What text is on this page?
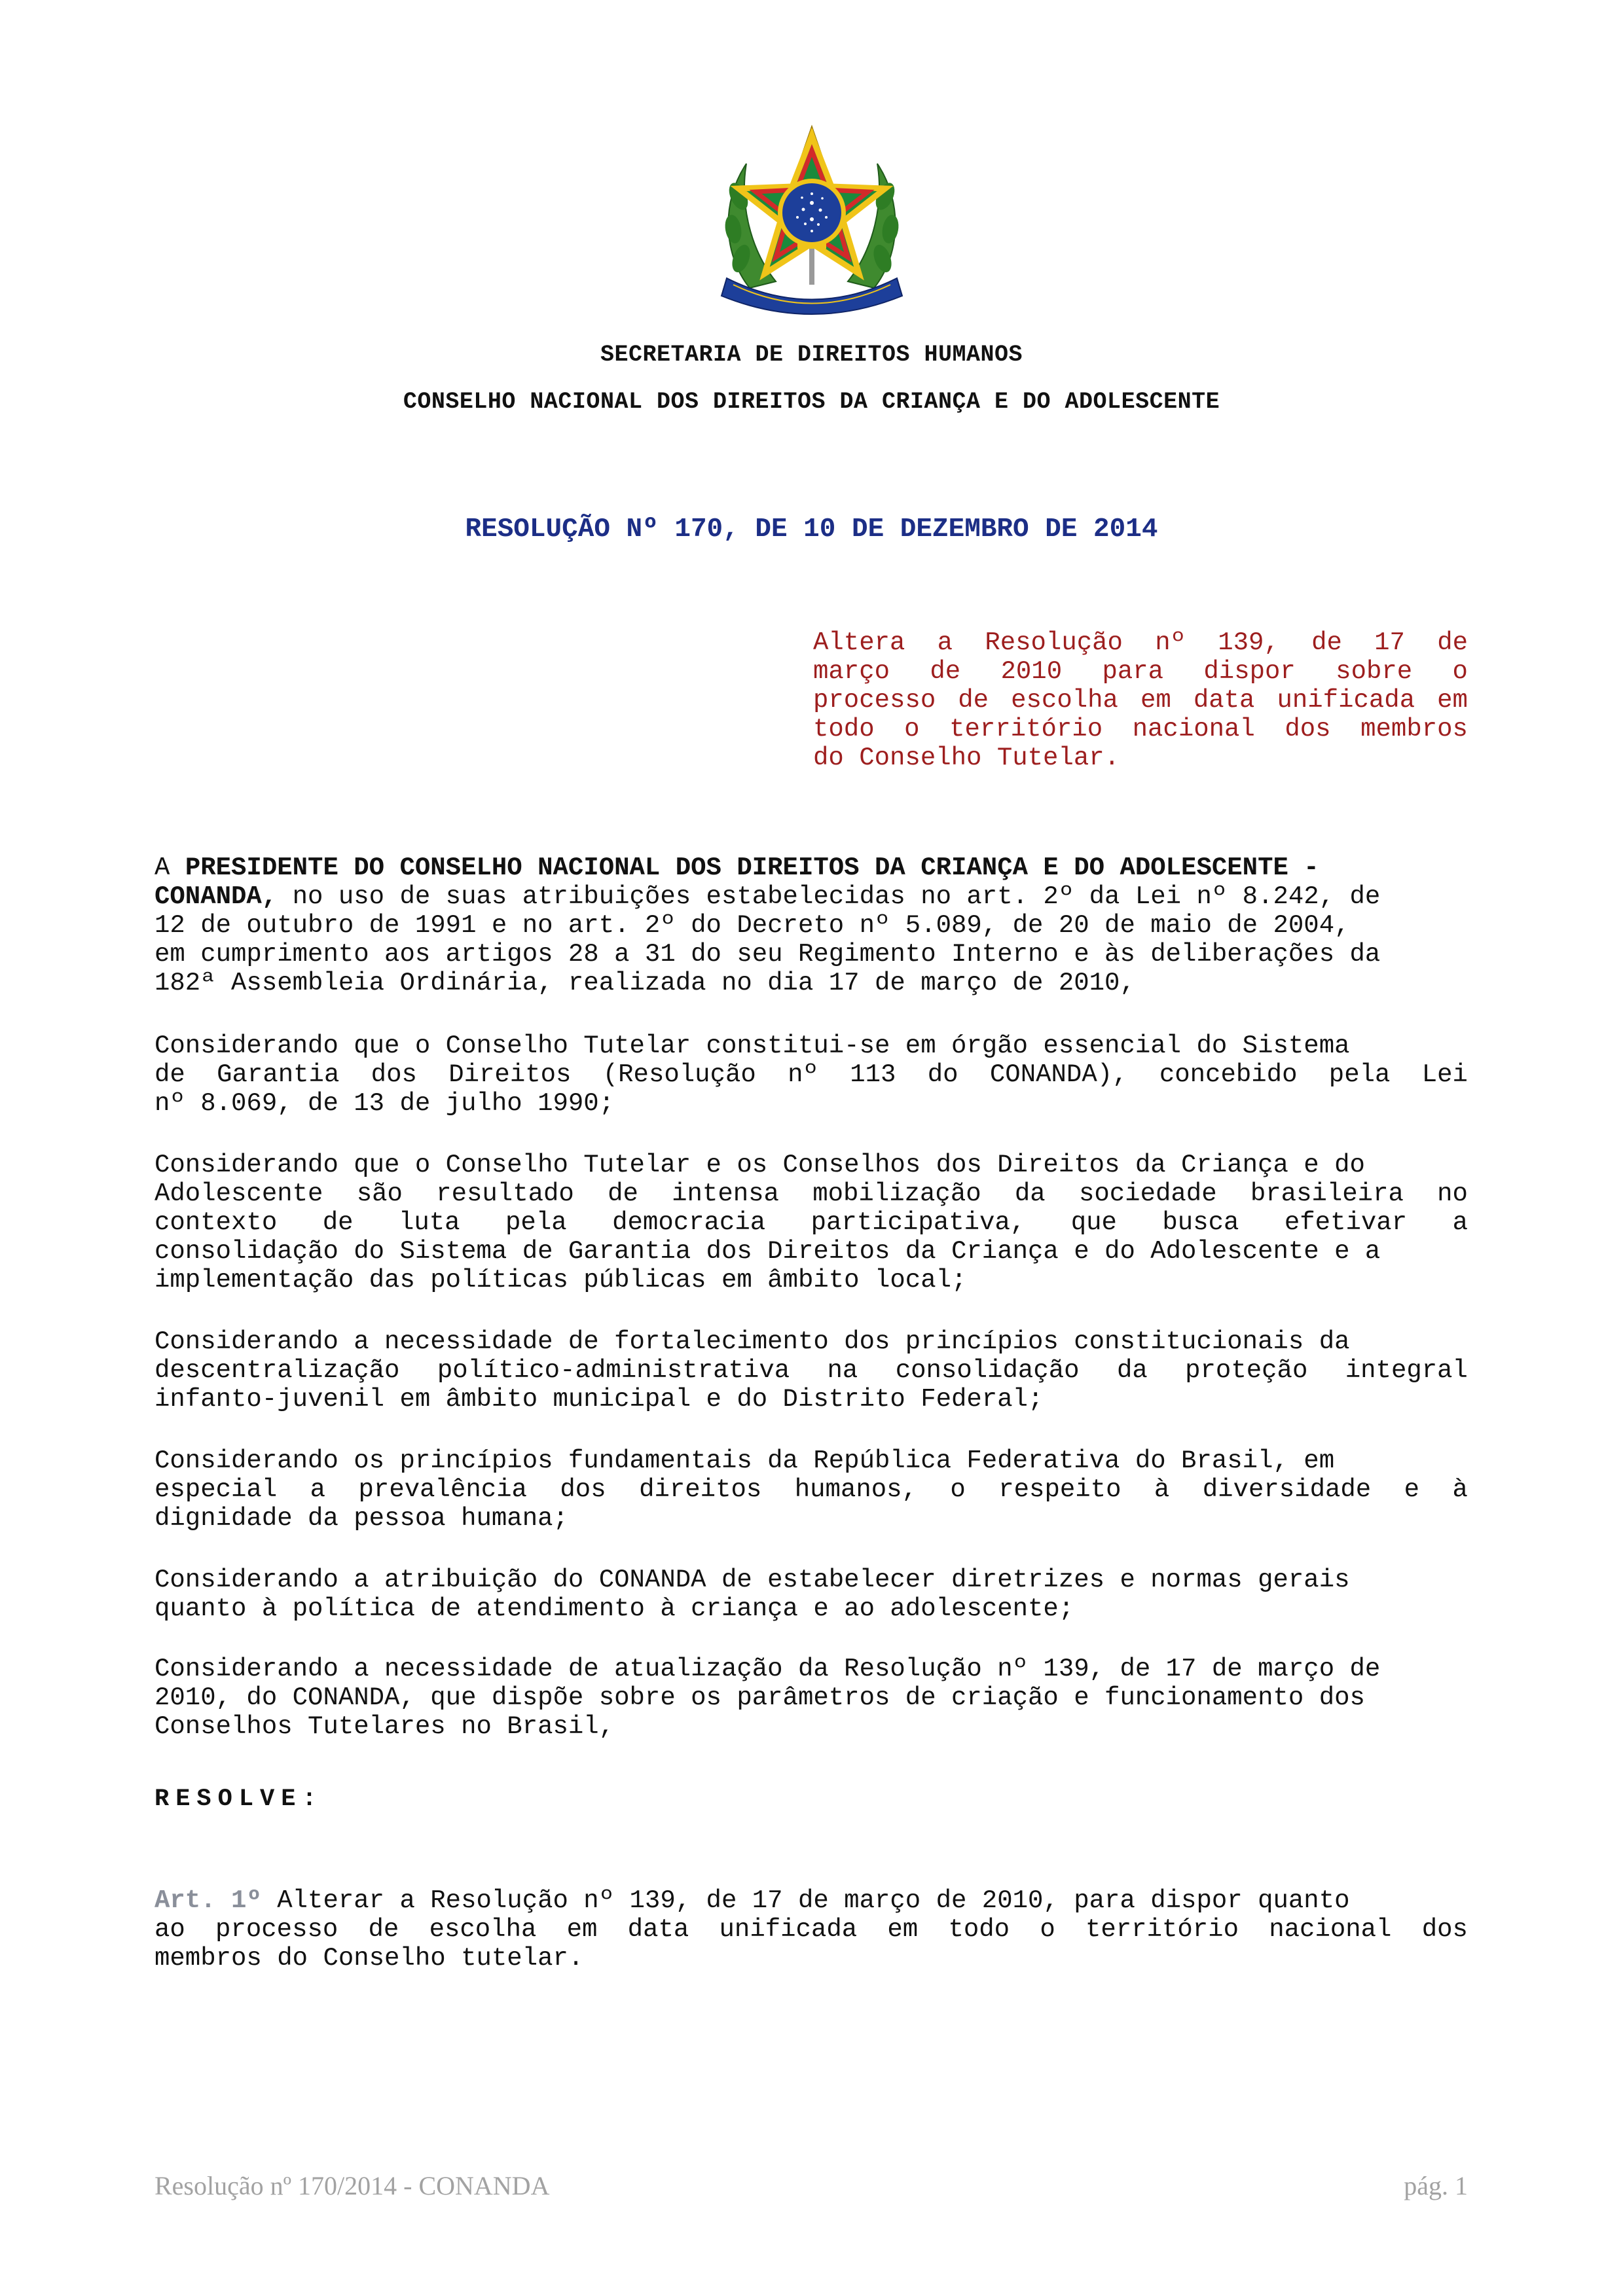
SECRETARIA DE DIREITOS HUMANOS
CONSELHO NACIONAL DOS DIREITOS DA CRIANÇA E DO ADOLESCENTE
RESOLUÇÃO Nº 170, DE 10 DE DEZEMBRO DE 2014
Altera a Resolução nº 139, de 17 de
março de 2010 para dispor sobre o
processo de escolha em data unificada em
todo o território nacional dos membros
do Conselho Tutelar.
A PRESIDENTE DO CONSELHO NACIONAL DOS DIREITOS DA CRIANÇA E DO ADOLESCENTE -
CONANDA, no uso de suas atribuições estabelecidas no art. 2º da Lei nº 8.242, de
12 de outubro de 1991 e no art. 2º do Decreto nº 5.089, de 20 de maio de 2004,
em cumprimento aos artigos 28 a 31 do seu Regimento Interno e às deliberações da
182ª Assembleia Ordinária, realizada no dia 17 de março de 2010,
Considerando que o Conselho Tutelar constitui-se em órgão essencial do Sistema
de Garantia dos Direitos (Resolução nº 113 do CONANDA), concebido pela Lei
nº 8.069, de 13 de julho 1990;
Considerando que o Conselho Tutelar e os Conselhos dos Direitos da Criança e do
Adolescente são resultado de intensa mobilização da sociedade brasileira no
contexto de luta pela democracia participativa, que busca efetivar a
consolidação do Sistema de Garantia dos Direitos da Criança e do Adolescente e a
implementação das políticas públicas em âmbito local;
Considerando a necessidade de fortalecimento dos princípios constitucionais da
descentralização político-administrativa na consolidação da proteção integral
infanto-juvenil em âmbito municipal e do Distrito Federal;
Considerando os princípios fundamentais da República Federativa do Brasil, em
especial a prevalência dos direitos humanos, o respeito à diversidade e à
dignidade da pessoa humana;
Considerando a atribuição do CONANDA de estabelecer diretrizes e normas gerais
quanto à política de atendimento à criança e ao adolescente;
Considerando a necessidade de atualização da Resolução nº 139, de 17 de março de
2010, do CONANDA, que dispõe sobre os parâmetros de criação e funcionamento dos
Conselhos Tutelares no Brasil,
RESOLVE:
Art. 1º Alterar a Resolução nº 139, de 17 de março de 2010, para dispor quanto
ao processo de escolha em data unificada em todo o território nacional dos
membros do Conselho tutelar.
Resolução nº 170/2014 - CONANDA	pág. 1
